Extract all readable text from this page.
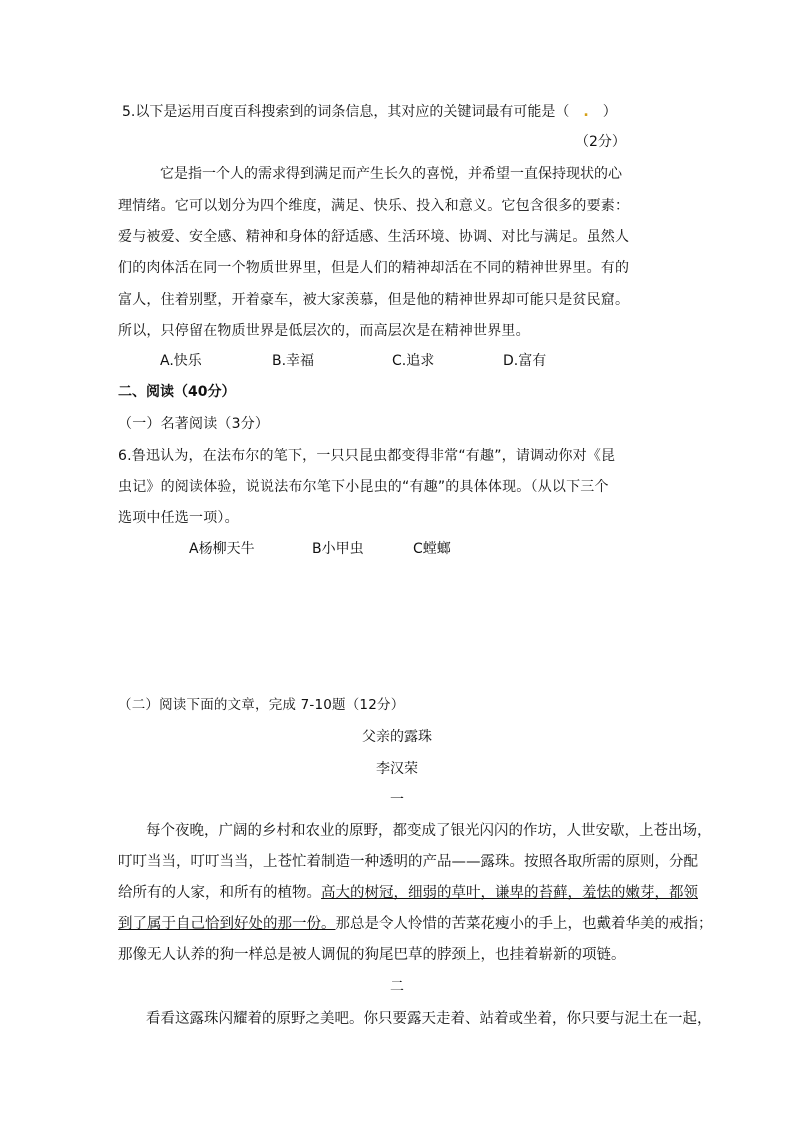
5.以下是运用百度百科搜索到的词条信息，其对应的关键词最有可能是（ . ）
（2分）
它是指一个人的需求得到满足而产生长久的喜悦，并希望一直保持现状的心
理情绪。它可以划分为四个维度，满足、快乐、投入和意义。它包含很多的要素：
爱与被爱、安全感、精神和身体的舒适感、生活环境、协调、对比与满足。虽然人
们的肉体活在同一个物质世界里，但是人们的精神却活在不同的精神世界里。有的
富人，住着别墅，开着豪车，被大家羡慕，但是他的精神世界却可能只是贫民窟。
所以，只停留在物质世界是低层次的，而高层次是在精神世界里。
A.快乐	B.幸福	C.追求	D.富有
二、阅读（40分）
（一）名著阅读（3分）
6.鲁迅认为，在法布尔的笔下，一只只昆虫都变得非常“有趣”，请调动你对《昆
虫记》的阅读体验，说说法布尔笔下小昆虫的“有趣”的具体体现。（从以下三个
选项中任选一项）。
A杨柳天牛	B小甲虫	C螳螂
（二）阅读下面的文章，完成 7-10题（12分）
父亲的露珠
李汉荣
一
每个夜晚，广阔的乡村和农业的原野，都变成了银光闪闪的作坊，人世安歇，上苍出场，
叮叮当当，叮叮当当，上苍忙着制造一种透明的产品——露珠。按照各取所需的原则，分配
给所有的人家，和所有的植物。高大的树冠，细弱的草叶，谦卑的苔藓，羞怯的嫩芽，都领
到了属于自己恰到好处的那一份。那总是令人怜惜的苦菜花瘦小的手上，也戴着华美的戒指；
那像无人认养的狗一样总是被人调侃的狗尾巴草的脖颈上，也挂着崭新的项链。
二
看看这露珠闪耀着的原野之美吧。你只要露天走着、站着或坐着，你只要与泥土在一起，
